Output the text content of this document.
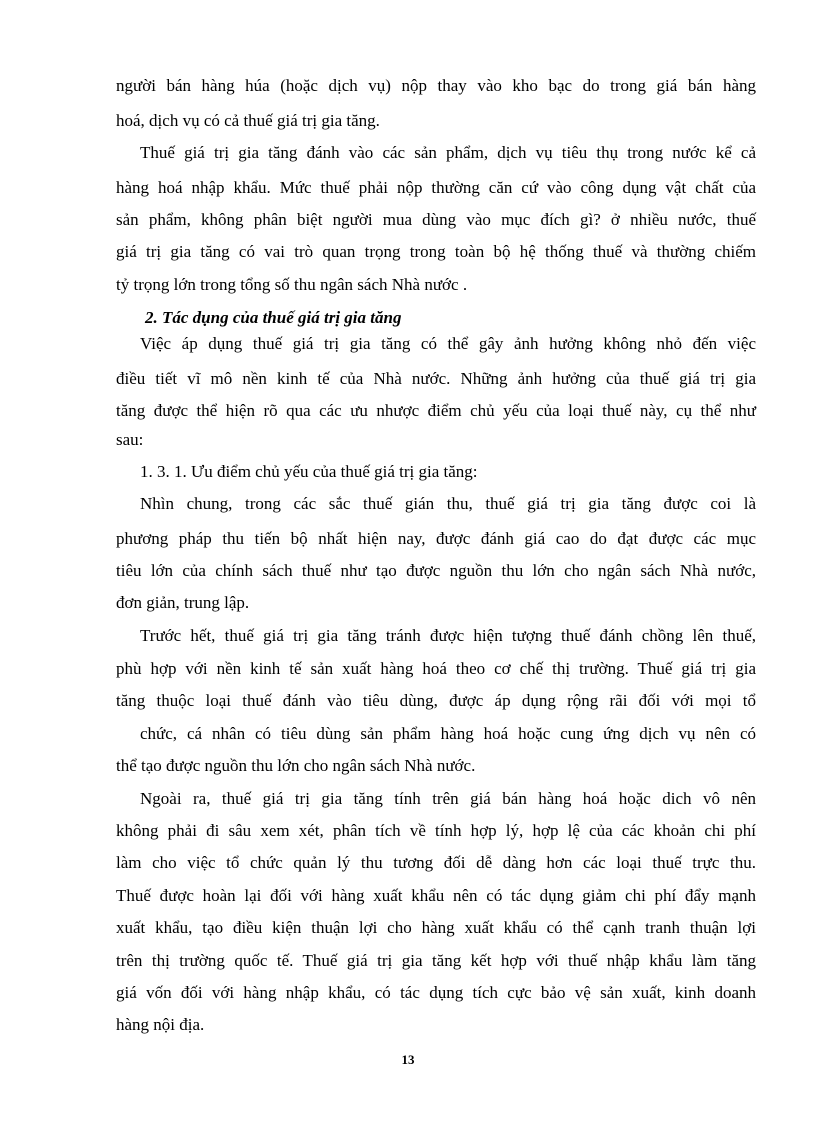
người bán hàng húa (hoặc dịch vụ) nộp thay vào kho bạc do trong giá bán hàng
hoá, dịch vụ có cả thuế giá trị gia tăng.
Thuế giá trị gia tăng đánh vào các sản phẩm, dịch vụ tiêu thụ trong nước kể cả
hàng hoá nhập khẩu. Mức thuế phải nộp thường căn cứ vào công dụng vật chất của
sản phẩm, không phân biệt người mua dùng vào mục đích gì? ở nhiều nước, thuế
giá trị gia tăng có vai trò quan trọng trong toàn bộ hệ thống thuế và thường chiếm
tỷ trọng lớn trong tổng số thu ngân sách Nhà nước .
2. Tác dụng của thuế giá trị gia tăng
Việc áp dụng thuế giá trị gia tăng có thể gây ảnh hưởng không nhỏ đến việc
điều tiết vĩ mô nền kinh tế của Nhà nước. Những ảnh hưởng của thuế giá trị gia
tăng được thể hiện rõ qua các ưu nhược điểm chủ yếu của loại thuế này, cụ thể như
sau:
1. 3. 1. Ưu điểm chủ yếu của thuế giá trị gia tăng:
Nhìn chung, trong các sắc thuế gián thu, thuế giá trị gia tăng được coi là
phương pháp thu tiến bộ nhất hiện nay, được đánh giá cao do đạt được các mục
tiêu lớn của chính sách thuế như tạo được nguồn thu lớn cho ngân sách Nhà nước,
đơn giản, trung lập.
Trước hết, thuế giá trị gia tăng tránh được hiện tượng thuế đánh chồng lên thuế,
phù hợp với nền kinh tế sản xuất hàng hoá theo cơ chế thị trường. Thuế giá trị gia
tăng thuộc loại thuế đánh vào tiêu dùng, được áp dụng rộng rãi đối với mọi tổ
chức, cá nhân có tiêu dùng sản phẩm hàng hoá hoặc cung ứng dịch vụ nên có
thể tạo được nguồn thu lớn cho ngân sách Nhà nước.
Ngoài ra, thuế giá trị gia tăng tính trên giá bán hàng hoá hoặc dich vô nên
không phải đi sâu xem xét, phân tích về tính hợp lý, hợp lệ của các khoản chi phí
làm cho việc tổ chức quản lý thu tương đối dễ dàng hơn các loại thuế trực thu.
Thuế được hoàn lại đối với hàng xuất khẩu nên có tác dụng giảm chi phí đẩy mạnh
xuất khẩu, tạo điều kiện thuận lợi cho hàng xuất khẩu có thể cạnh tranh thuận lợi
trên thị trường quốc tế. Thuế giá trị gia tăng kết hợp với thuế nhập khẩu làm tăng
giá vốn đối với hàng nhập khẩu, có tác dụng tích cực bảo vệ sản xuất, kinh doanh
hàng nội địa.
13
